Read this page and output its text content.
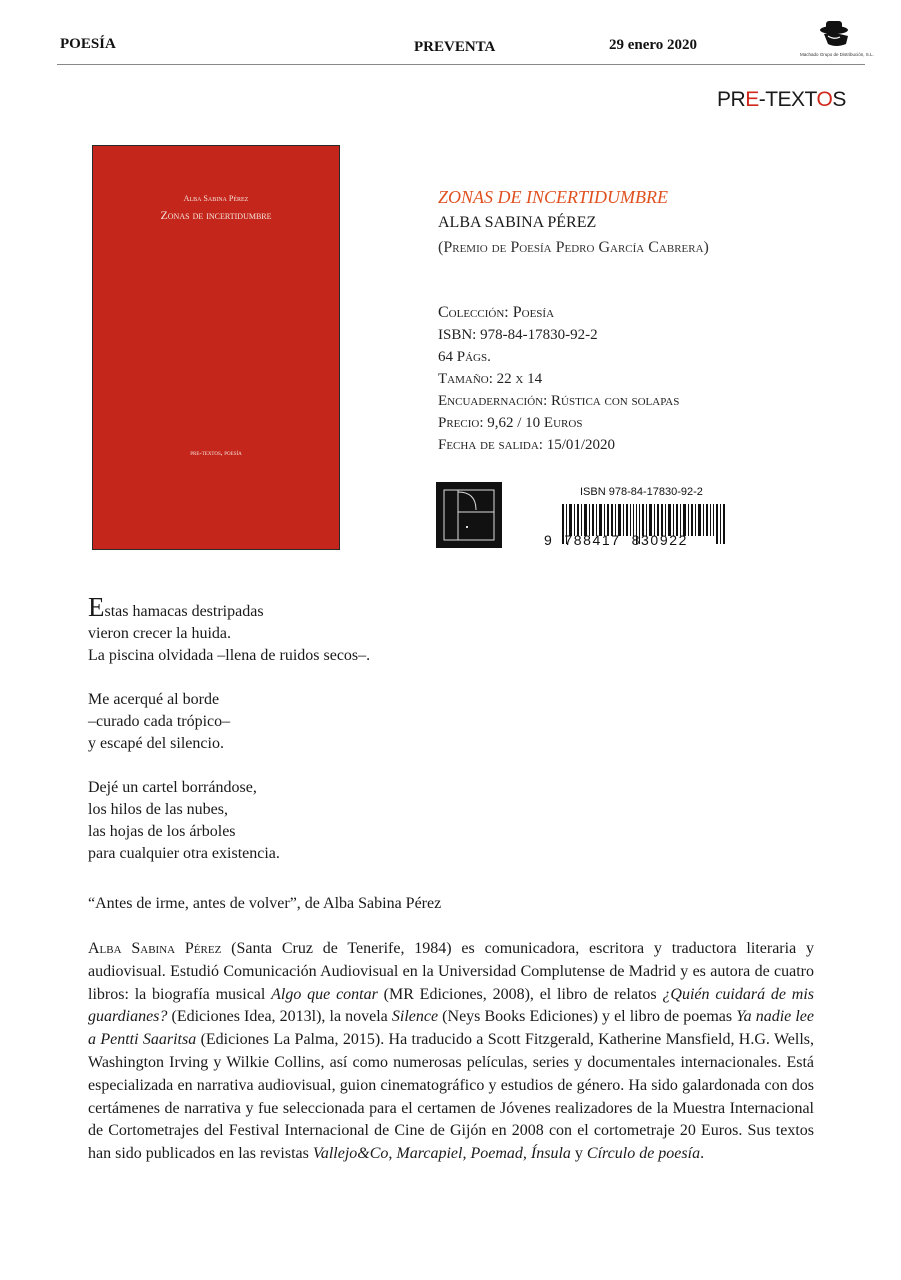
POESÍA	PREVENTA	29 enero 2020
Machado Grupo de Distribución, S.L.
PRE-TEXTOS
Alba Sabina Pérez
Zonas de incertidumbre
pre-textos, poesía
ZONAS DE INCERTIDUMBRE
ALBA SABINA PÉREZ
(Premio de Poesía Pedro García Cabrera)
Colección: Poesía
ISBN: 978-84-17830-92-2
64 Págs.
Tamaño: 22 x 14
Encuadernación: Rústica con solapas
Precio: 9,62 / 10 Euros
Fecha de salida: 15/01/2020
ISBN 978-84-17830-92-2
9  788417  830922
Estas hamacas destripadas
vieron crecer la huida.
La piscina olvidada –llena de ruidos secos–.
Me acerqué al borde
–curado cada trópico–
y escapé del silencio.
Dejé un cartel borrándose,
los hilos de las nubes,
las hojas de los árboles
para cualquier otra existencia.
“Antes de irme, antes de volver”, de Alba Sabina Pérez
Alba Sabina Pérez (Santa Cruz de Tenerife, 1984) es comunicadora, escritora y traductora literaria y audiovisual. Estudió Comunicación Audiovisual en la Universidad Complutense de Madrid y es autora de cuatro libros: la biografía musical Algo que contar (MR Ediciones, 2008), el libro de relatos ¿Quién cuidará de mis guardianes? (Ediciones Idea, 2013l), la novela Silence (Neys Books Ediciones) y el libro de poemas Ya nadie lee a Pentti Saaritsa (Ediciones La Palma, 2015). Ha traducido a Scott Fitzgerald, Katherine Mansfield, H.G. Wells, Washington Irving y Wilkie Collins, así como numerosas películas, series y documentales internacionales. Está especializada en narrativa audiovisual, guion cinematográfico y estudios de género. Ha sido galardonada con dos certámenes de narrativa y fue seleccionada para el certamen de Jóvenes realizadores de la Muestra Internacional de Cortometrajes del Festival Internacional de Cine de Gijón en 2008 con el cortometraje 20 Euros. Sus textos han sido publicados en las revistas Vallejo&Co, Marcapiel, Poemad, Ínsula y Círculo de poesía.
